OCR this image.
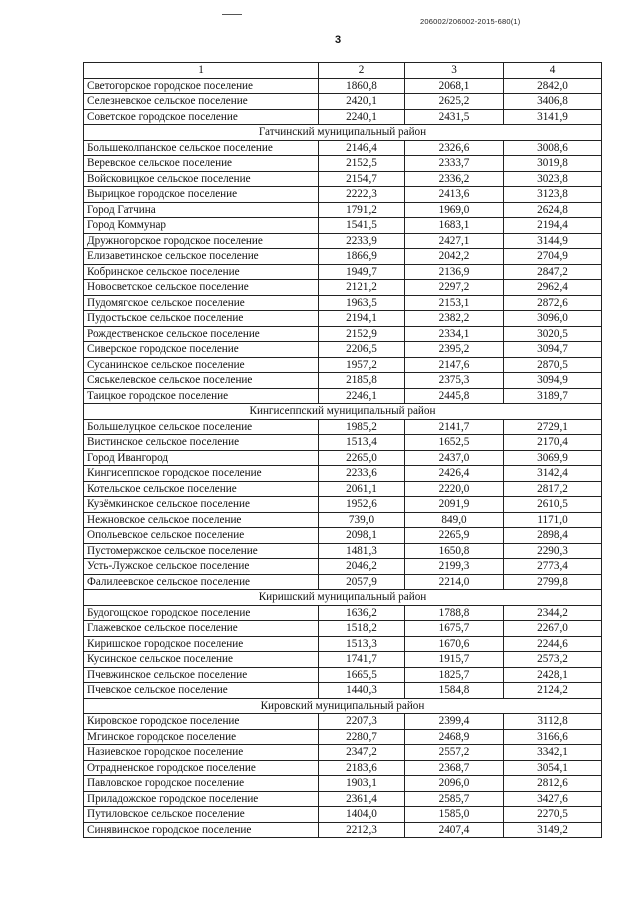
206002/206002-2015-680(1)
3
1	2	3	4
Светогорское городское поселение	1860,8	2068,1	2842,0
Селезневское сельское поселение	2420,1	2625,2	3406,8
Советское городское поселение	2240,1	2431,5	3141,9
Гатчинский муниципальный район			
Большеколпанское сельское поселение	2146,4	2326,6	3008,6
Веревское сельское поселение	2152,5	2333,7	3019,8
Войсковицкое сельское поселение	2154,7	2336,2	3023,8
Вырицкое городское поселение	2222,3	2413,6	3123,8
Город Гатчина	1791,2	1969,0	2624,8
Город Коммунар	1541,5	1683,1	2194,4
Дружногорское городское поселение	2233,9	2427,1	3144,9
Елизаветинское сельское поселение	1866,9	2042,2	2704,9
Кобринское сельское поселение	1949,7	2136,9	2847,2
Новосветское сельское поселение	2121,2	2297,2	2962,4
Пудомягское сельское поселение	1963,5	2153,1	2872,6
Пудостьское сельское поселение	2194,1	2382,2	3096,0
Рождественское сельское поселение	2152,9	2334,1	3020,5
Сиверское городское поселение	2206,5	2395,2	3094,7
Сусанинское сельское поселение	1957,2	2147,6	2870,5
Сяськелевское сельское поселение	2185,8	2375,3	3094,9
Таицкое городское поселение	2246,1	2445,8	3189,7
Кингисеппский муниципальный район			
Большелуцкое сельское поселение	1985,2	2141,7	2729,1
Вистинское сельское поселение	1513,4	1652,5	2170,4
Город Ивангород	2265,0	2437,0	3069,9
Кингисеппское городское поселение	2233,6	2426,4	3142,4
Котельское сельское поселение	2061,1	2220,0	2817,2
Кузёмкинское сельское поселение	1952,6	2091,9	2610,5
Нежновское сельское поселение	739,0	849,0	1171,0
Опольевское сельское поселение	2098,1	2265,9	2898,4
Пустомержское сельское поселение	1481,3	1650,8	2290,3
Усть-Лужское сельское поселение	2046,2	2199,3	2773,4
Фалилеевское сельское поселение	2057,9	2214,0	2799,8
Киришский муниципальный район			
Будогощское городское поселение	1636,2	1788,8	2344,2
Глажевское сельское поселение	1518,2	1675,7	2267,0
Киришское городское поселение	1513,3	1670,6	2244,6
Кусинское сельское поселение	1741,7	1915,7	2573,2
Пчевжинское сельское поселение	1665,5	1825,7	2428,1
Пчевское сельское поселение	1440,3	1584,8	2124,2
Кировский муниципальный район			
Кировское городское поселение	2207,3	2399,4	3112,8
Мгинское городское поселение	2280,7	2468,9	3166,6
Назиевское городское поселение	2347,2	2557,2	3342,1
Отрадненское городское поселение	2183,6	2368,7	3054,1
Павловское городское поселение	1903,1	2096,0	2812,6
Приладожское городское поселение	2361,4	2585,7	3427,6
Путиловское сельское поселение	1404,0	1585,0	2270,5
Синявинское городское поселение	2212,3	2407,4	3149,2
